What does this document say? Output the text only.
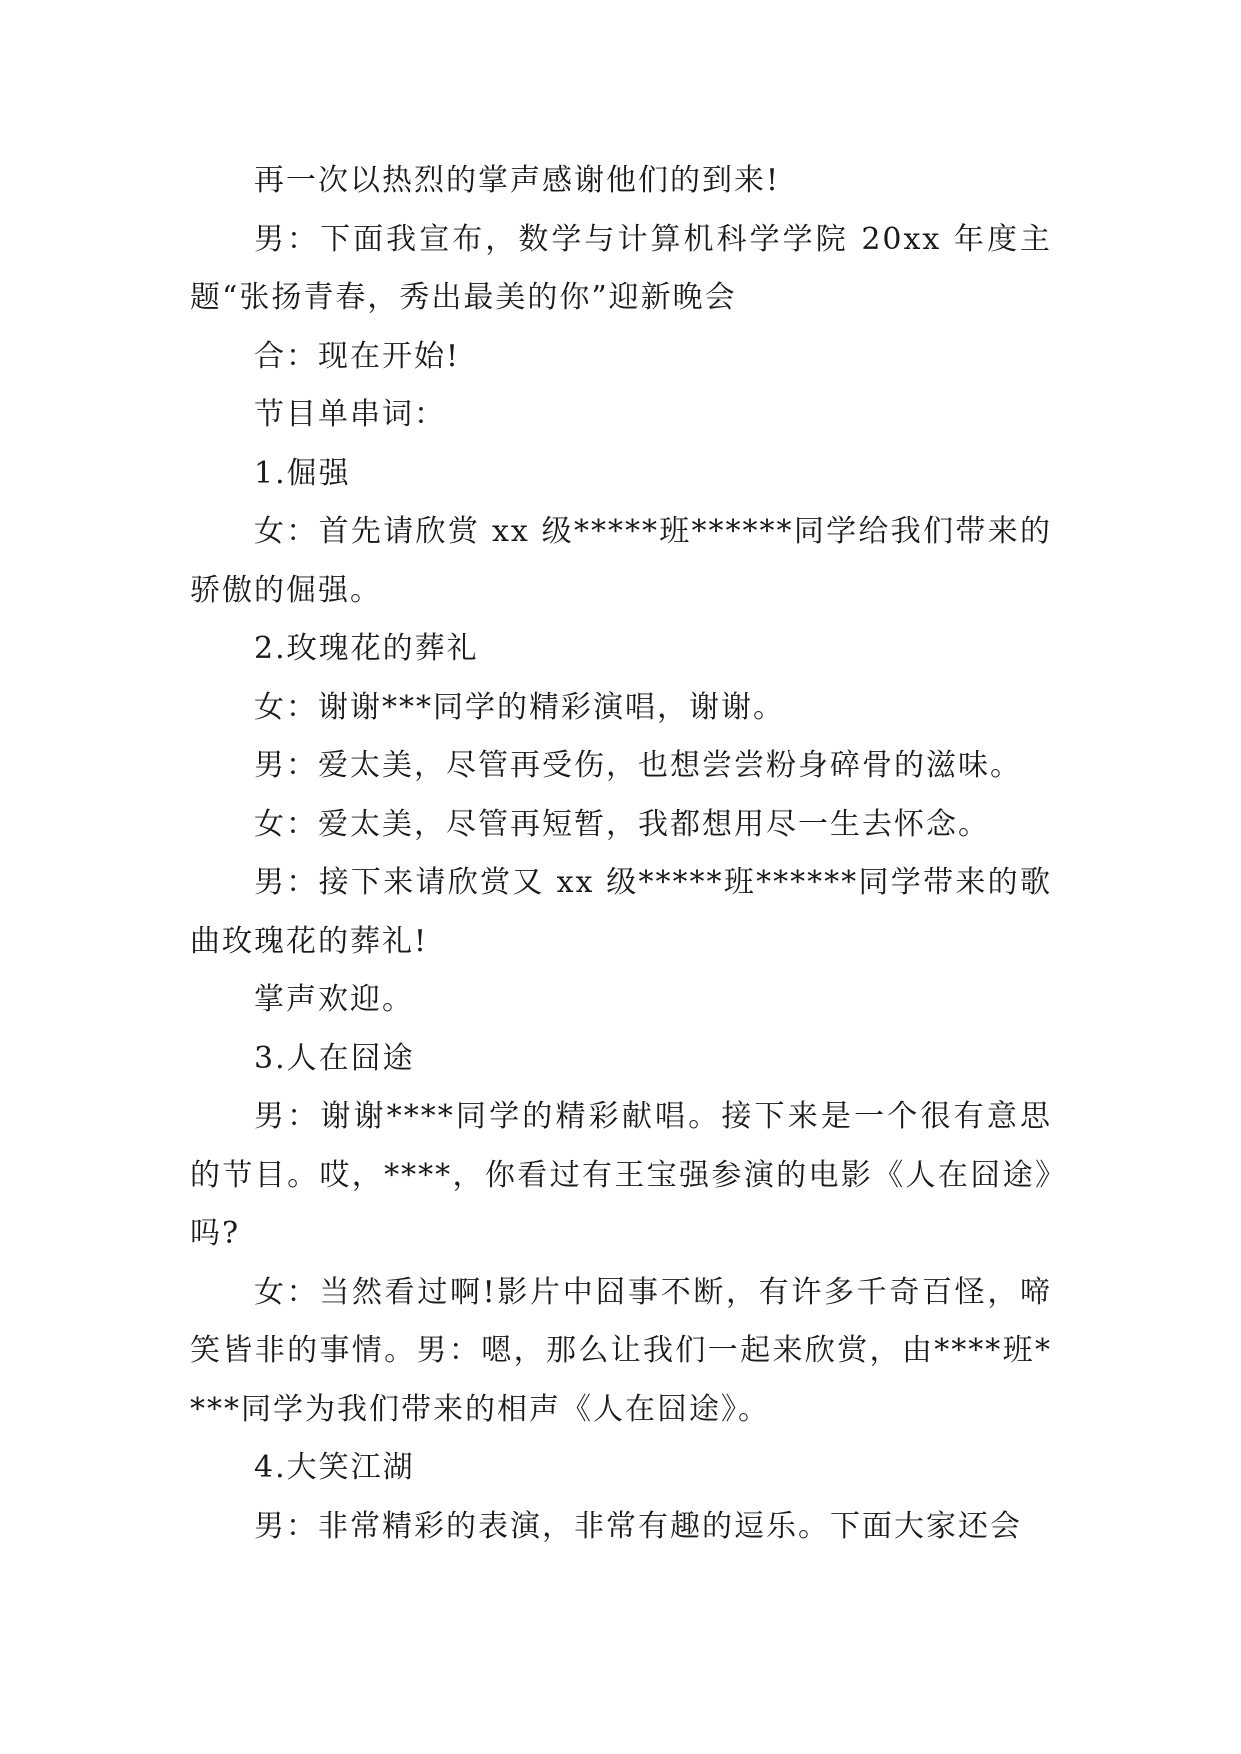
再一次以热烈的掌声感谢他们的到来!

男：下面我宣布，数学与计算机科学学院 20xx 年度主题“张扬青春，秀出最美的你”迎新晚会

合：现在开始!

节目单串词：

1.倔强

女：首先请欣赏 xx 级*****班******同学给我们带来的骄傲的倔强。

2.玫瑰花的葬礼

女：谢谢***同学的精彩演唱，谢谢。

男：爱太美，尽管再受伤，也想尝尝粉身碎骨的滋味。

女：爱太美，尽管再短暂，我都想用尽一生去怀念。

男：接下来请欣赏又 xx 级*****班******同学带来的歌曲玫瑰花的葬礼!

掌声欢迎。

3.人在囧途

男：谢谢****同学的精彩献唱。接下来是一个很有意思的节目。哎，****，你看过有王宝强参演的电影《人在囧途》吗?

女：当然看过啊!影片中囧事不断，有许多千奇百怪，啼笑皆非的事情。男：嗯，那么让我们一起来欣赏，由****班****同学为我们带来的相声《人在囧途》。

4.大笑江湖

男：非常精彩的表演，非常有趣的逗乐。下面大家还会
